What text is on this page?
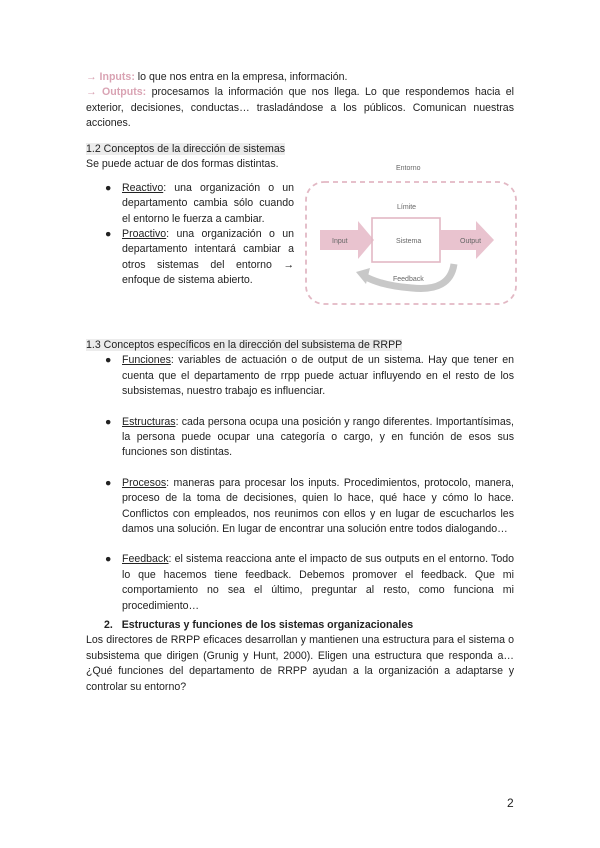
→ Inputs: lo que nos entra en la empresa, información.

→ Outputs: procesamos la información que nos llega. Lo que respondemos hacia el exterior, decisiones, conductas… trasladándose a los públicos. Comunican nuestras acciones.

1.2 Conceptos de la dirección de sistemas

Se puede actuar de dos formas distintas.

● Reactivo: una organización o un departamento cambia sólo cuando el entorno le fuerza a cambiar.
● Proactivo: una organización o un departamento intentará cambiar a otros sistemas del entorno → enfoque de sistema abierto.
Entorno
Límite
Input	Sistema	Output
Feedback

1.3 Conceptos específicos en la dirección del subsistema de RRPP

● Funciones: variables de actuación o de output de un sistema. Hay que tener en cuenta que el departamento de rrpp puede actuar influyendo en el resto de los subsistemas, nuestro trabajo es influenciar.
● Estructuras: cada persona ocupa una posición y rango diferentes. Importantísimas, la persona puede ocupar una categoría o cargo, y en función de esos sus funciones son distintas.
● Procesos: maneras para procesar los inputs. Procedimientos, protocolo, manera, proceso de la toma de decisiones, quien lo hace, qué hace y cómo lo hace. Conflictos con empleados, nos reunimos con ellos y en lugar de escucharlos les damos una solución. En lugar de encontrar una solución entre todos dialogando…
● Feedback: el sistema reacciona ante el impacto de sus outputs en el entorno. Todo lo que hacemos tiene feedback. Debemos promover el feedback. Que mi comportamiento no sea el último, preguntar al resto, como funciona mi procedimiento…

2. Estructuras y funciones de los sistemas organizacionales

Los directores de RRPP eficaces desarrollan y mantienen una estructura para el sistema o subsistema que dirigen (Grunig y Hunt, 2000). Eligen una estructura que responda a… ¿Qué funciones del departamento de RRPP ayudan a la organización a adaptarse y controlar su entorno?

2
